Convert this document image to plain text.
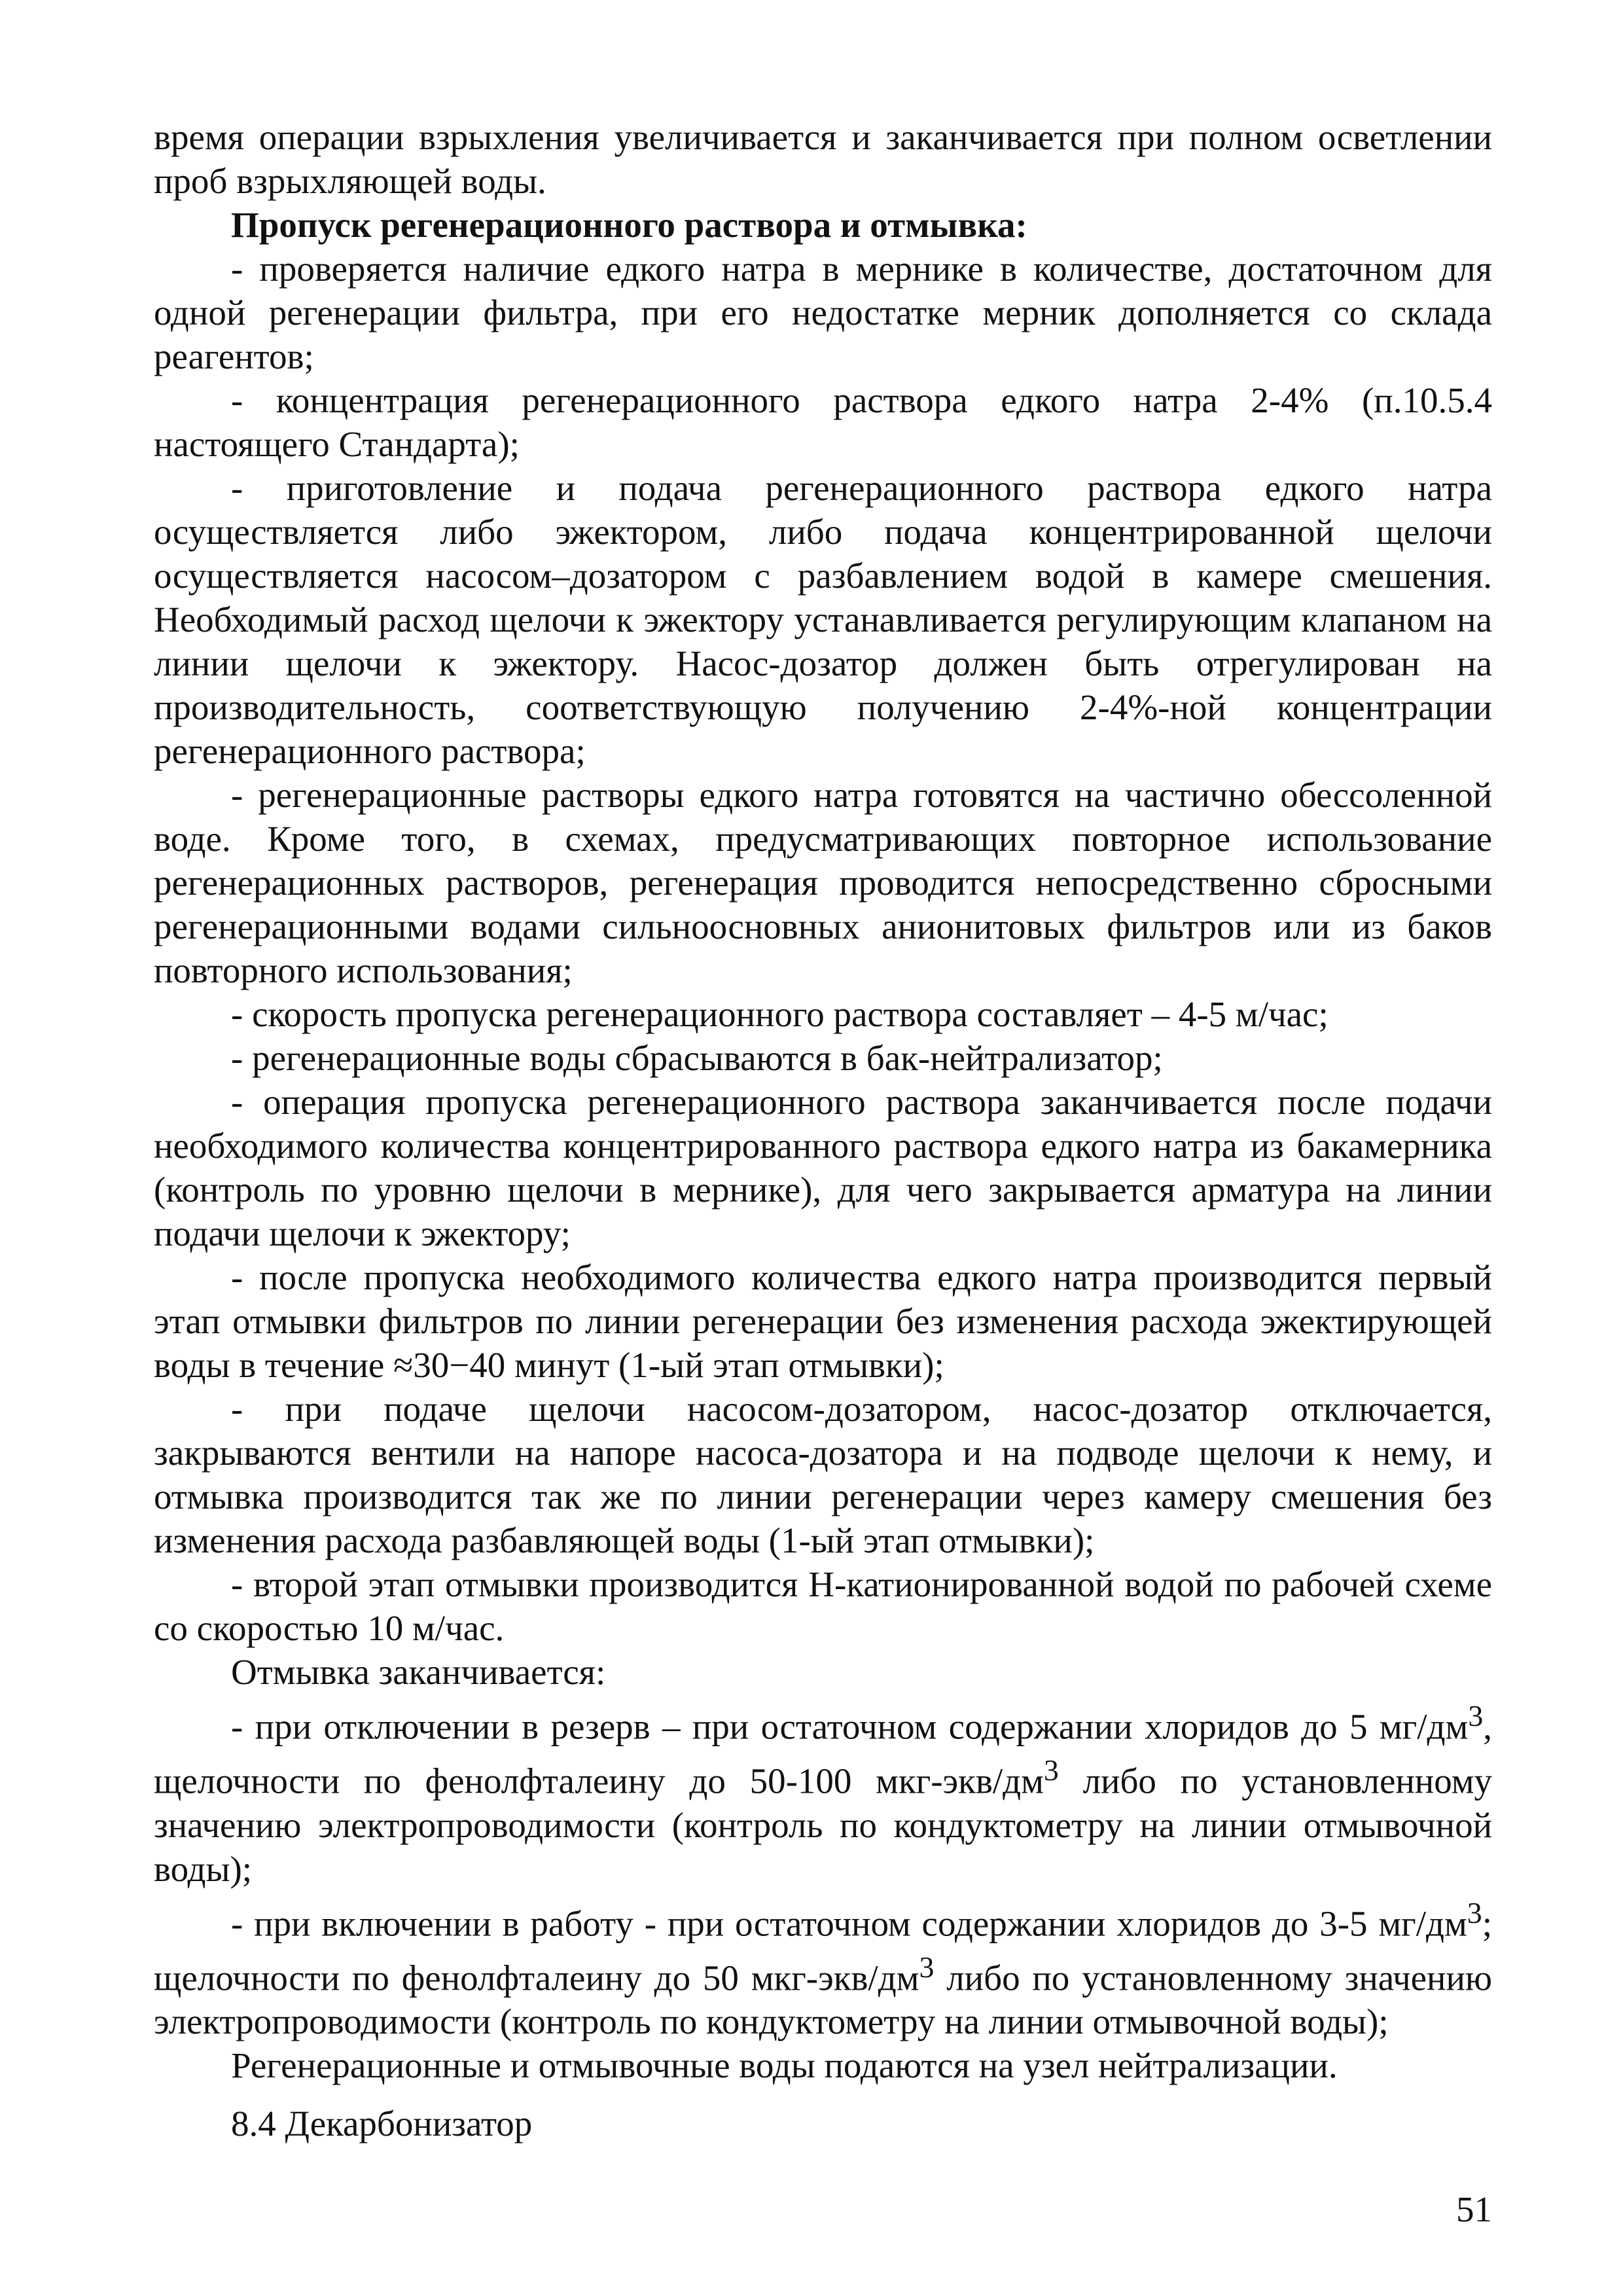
время операции взрыхления увеличивается и заканчивается при полном осветлении проб взрыхляющей воды.

Пропуск регенерационного раствора и отмывка:

- проверяется наличие едкого натра в мернике в количестве, достаточном для одной регенерации фильтра, при его недостатке мерник дополняется со склада реагентов;

- концентрация регенерационного раствора едкого натра 2-4% (п.10.5.4 настоящего Стандарта);

- приготовление и подача регенерационного раствора едкого натра осуществляется либо эжектором, либо подача концентрированной щелочи осуществляется насосом–дозатором с разбавлением водой в камере смешения. Необходимый расход щелочи к эжектору устанавливается регулирующим клапаном на линии щелочи к эжектору. Насос-дозатор должен быть отрегулирован на производительность, соответствующую получению 2-4%-ной концентрации регенерационного раствора;

- регенерационные растворы едкого натра готовятся на частично обессоленной воде. Кроме того, в схемах, предусматривающих повторное использование регенерационных растворов, регенерация проводится непосредственно сбросными регенерационными водами сильноосновных анионитовых фильтров или из баков повторного использования;

- скорость пропуска регенерационного раствора составляет – 4-5 м/час;

- регенерационные воды сбрасываются в бак-нейтрализатор;

- операция пропуска регенерационного раствора заканчивается после подачи необходимого количества концентрированного раствора едкого натра из бакамерника (контроль по уровню щелочи в мернике), для чего закрывается арматура на линии подачи щелочи к эжектору;

- после пропуска необходимого количества едкого натра производится первый этап отмывки фильтров по линии регенерации без изменения расхода эжектирующей воды в течение ≈30−40 минут (1-ый этап отмывки);

- при подаче щелочи насосом-дозатором, насос-дозатор отключается, закрываются вентили на напоре насоса-дозатора и на подводе щелочи к нему, и отмывка производится так же по линии регенерации через камеру смешения без изменения расхода разбавляющей воды (1-ый этап отмывки);

- второй этап отмывки производится Н-катионированной водой по рабочей схеме со скоростью 10 м/час.

Отмывка заканчивается:

- при отключении в резерв – при остаточном содержании хлоридов до 5 $мг/дм^3$, щелочности по фенолфталеину до 50-100 мкг-$экв/дм^3$ либо по установленному значению электропроводимости (контроль по кондуктометру на линии отмывочной воды);

- при включении в работу - при остаточном содержании хлоридов до 3-5 $мг/дм^3$; щелочности по фенолфталеину до 50 мкг-$экв/дм^3$ либо по установленному значению электропроводимости (контроль по кондуктометру на линии отмывочной воды);

Регенерационные и отмывочные воды подаются на узел нейтрализации.

8.4 Декарбонизатор

51
